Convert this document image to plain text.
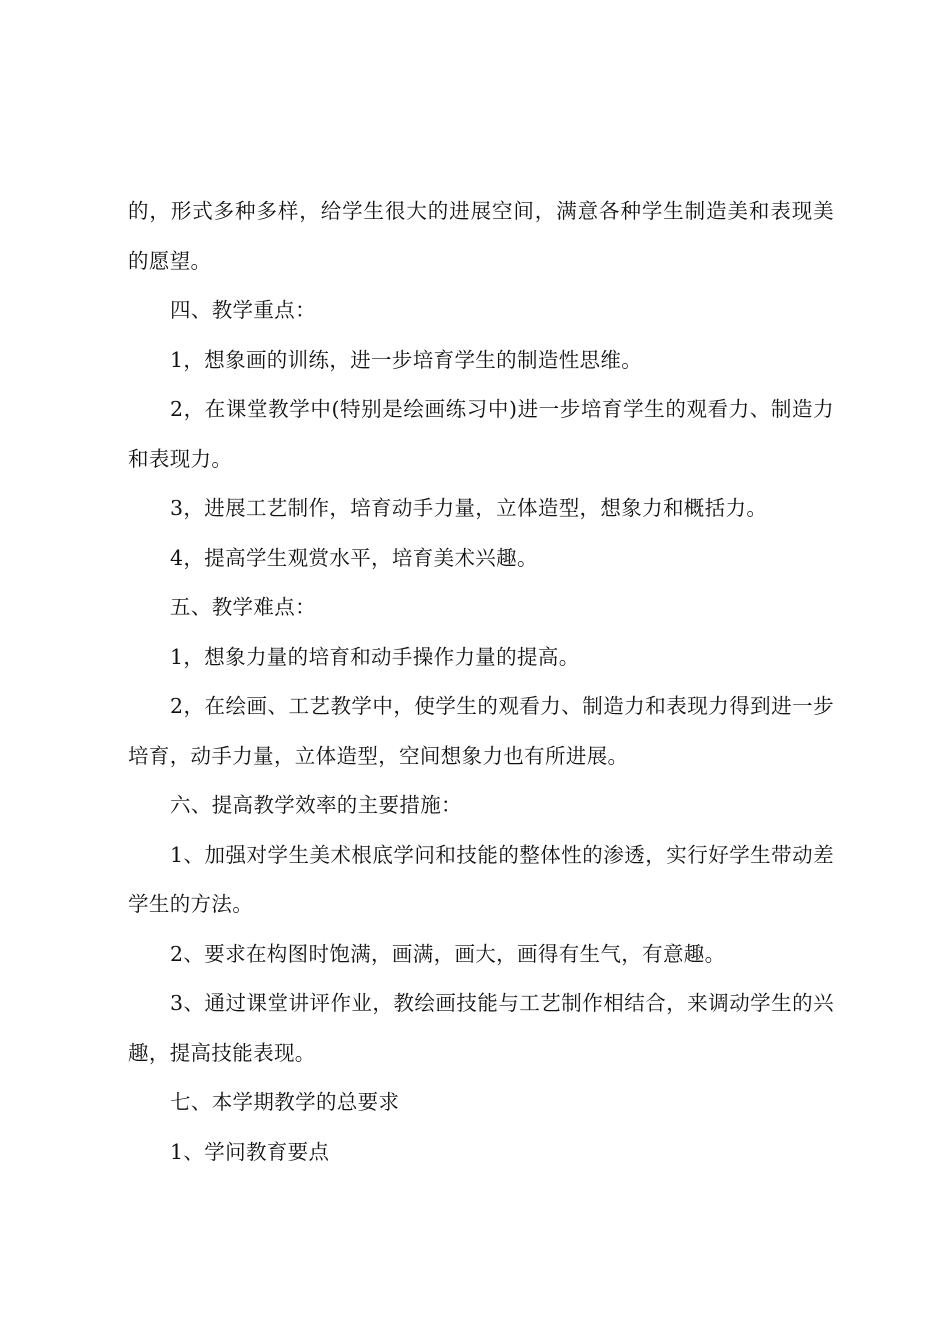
的，形式多种多样，给学生很大的进展空间，满意各种学生制造美和表现美的愿望。

四、教学重点：

1，想象画的训练，进一步培育学生的制造性思维。

2，在课堂教学中(特别是绘画练习中)进一步培育学生的观看力、制造力和表现力。

3，进展工艺制作，培育动手力量，立体造型，想象力和概括力。

4，提高学生观赏水平，培育美术兴趣。

五、教学难点：

1，想象力量的培育和动手操作力量的提高。

2，在绘画、工艺教学中，使学生的观看力、制造力和表现力得到进一步培育，动手力量，立体造型，空间想象力也有所进展。

六、提高教学效率的主要措施：

1、加强对学生美术根底学问和技能的整体性的渗透，实行好学生带动差学生的方法。

2、要求在构图时饱满，画满，画大，画得有生气，有意趣。

3、通过课堂讲评作业，教绘画技能与工艺制作相结合，来调动学生的兴趣，提高技能表现。

七、本学期教学的总要求

1、学问教育要点
